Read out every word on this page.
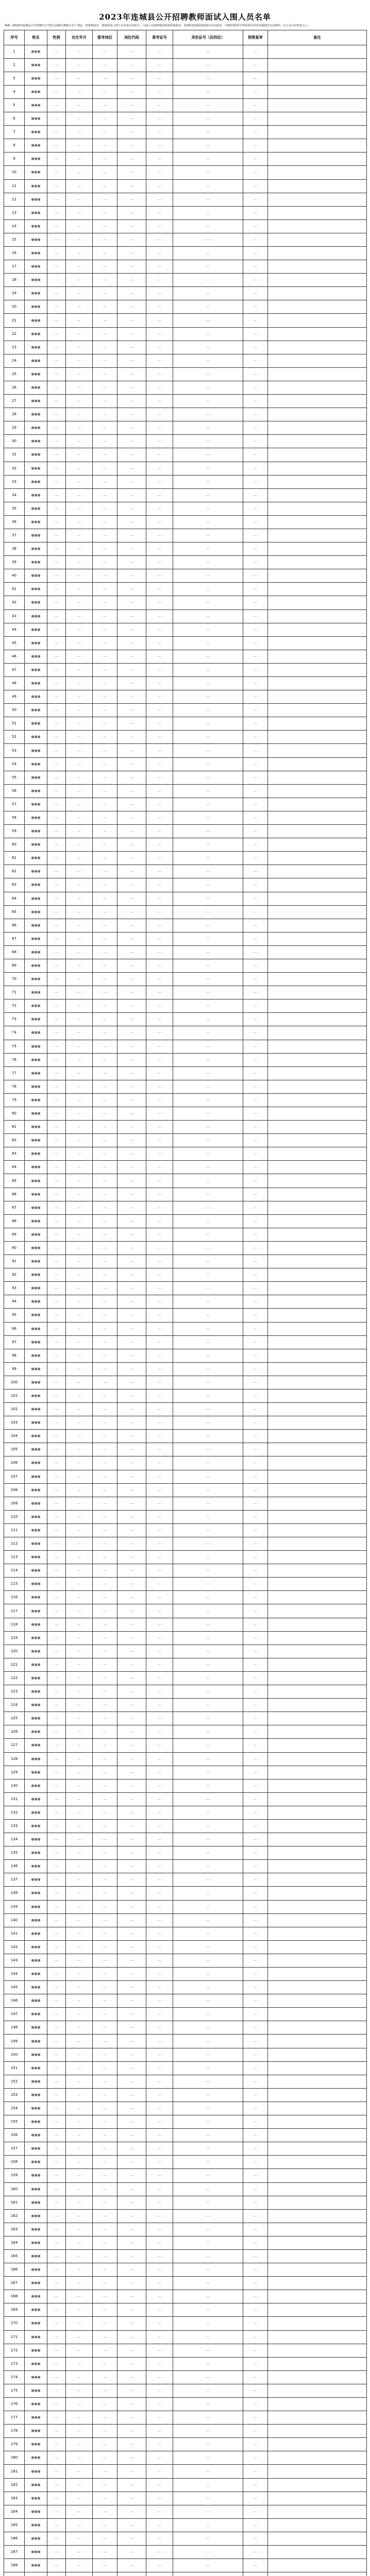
2023年连城县公开招聘教师面试入围人员名单
根据《2023年连城县公开招聘中小学幼儿园新任教师公告》规定，经资格复审，现将面试入围人员名单公布如下。入围人员请按规定时间参加面试，未按时参加面试的视为自动放弃。（表格中除序号外的各行内容在截图中无法辨识，以下以占位符表示。）
序号	姓名	性别	出生年月	报考岗位	岗位代码	准考证号	身份证号（后四位）	资格复审	备注
1	●●●	—	—	—	—	—	—	—	
2	●●●	—	—	—	—	—	—	—	
3	●●●	—	—	—	—	—	—	—	
4	●●●	—	—	—	—	—	—	—	
5	●●●	—	—	—	—	—	—	—	
6	●●●	—	—	—	—	—	—	—	
7	●●●	—	—	—	—	—	—	—	
8	●●●	—	—	—	—	—	—	—	
9	●●●	—	—	—	—	—	—	—	
10	●●●	—	—	—	—	—	—	—	
11	●●●	—	—	—	—	—	—	—	
12	●●●	—	—	—	—	—	—	—	
13	●●●	—	—	—	—	—	—	—	
14	●●●	—	—	—	—	—	—	—	
15	●●●	—	—	—	—	—	—	—	
16	●●●	—	—	—	—	—	—	—	
17	●●●	—	—	—	—	—	—	—	
18	●●●	—	—	—	—	—	—	—	
19	●●●	—	—	—	—	—	—	—	
20	●●●	—	—	—	—	—	—	—	
21	●●●	—	—	—	—	—	—	—	
22	●●●	—	—	—	—	—	—	—	
23	●●●	—	—	—	—	—	—	—	
24	●●●	—	—	—	—	—	—	—	
25	●●●	—	—	—	—	—	—	—	
26	●●●	—	—	—	—	—	—	—	
27	●●●	—	—	—	—	—	—	—	
28	●●●	—	—	—	—	—	—	—	
29	●●●	—	—	—	—	—	—	—	
30	●●●	—	—	—	—	—	—	—	
31	●●●	—	—	—	—	—	—	—	
32	●●●	—	—	—	—	—	—	—	
33	●●●	—	—	—	—	—	—	—	
34	●●●	—	—	—	—	—	—	—	
35	●●●	—	—	—	—	—	—	—	
36	●●●	—	—	—	—	—	—	—	
37	●●●	—	—	—	—	—	—	—	
38	●●●	—	—	—	—	—	—	—	
39	●●●	—	—	—	—	—	—	—	
40	●●●	—	—	—	—	—	—	—	
41	●●●	—	—	—	—	—	—	—	
42	●●●	—	—	—	—	—	—	—	
43	●●●	—	—	—	—	—	—	—	
44	●●●	—	—	—	—	—	—	—	
45	●●●	—	—	—	—	—	—	—	
46	●●●	—	—	—	—	—	—	—	
47	●●●	—	—	—	—	—	—	—	
48	●●●	—	—	—	—	—	—	—	
49	●●●	—	—	—	—	—	—	—	
50	●●●	—	—	—	—	—	—	—	
51	●●●	—	—	—	—	—	—	—	
52	●●●	—	—	—	—	—	—	—	
53	●●●	—	—	—	—	—	—	—	
54	●●●	—	—	—	—	—	—	—	
55	●●●	—	—	—	—	—	—	—	
56	●●●	—	—	—	—	—	—	—	
57	●●●	—	—	—	—	—	—	—	
58	●●●	—	—	—	—	—	—	—	
59	●●●	—	—	—	—	—	—	—	
60	●●●	—	—	—	—	—	—	—	
61	●●●	—	—	—	—	—	—	—	
62	●●●	—	—	—	—	—	—	—	
63	●●●	—	—	—	—	—	—	—	
64	●●●	—	—	—	—	—	—	—	
65	●●●	—	—	—	—	—	—	—	
66	●●●	—	—	—	—	—	—	—	
67	●●●	—	—	—	—	—	—	—	
68	●●●	—	—	—	—	—	—	—	
69	●●●	—	—	—	—	—	—	—	
70	●●●	—	—	—	—	—	—	—	
71	●●●	—	—	—	—	—	—	—	
72	●●●	—	—	—	—	—	—	—	
73	●●●	—	—	—	—	—	—	—	
74	●●●	—	—	—	—	—	—	—	
75	●●●	—	—	—	—	—	—	—	
76	●●●	—	—	—	—	—	—	—	
77	●●●	—	—	—	—	—	—	—	
78	●●●	—	—	—	—	—	—	—	
79	●●●	—	—	—	—	—	—	—	
80	●●●	—	—	—	—	—	—	—	
81	●●●	—	—	—	—	—	—	—	
82	●●●	—	—	—	—	—	—	—	
83	●●●	—	—	—	—	—	—	—	
84	●●●	—	—	—	—	—	—	—	
85	●●●	—	—	—	—	—	—	—	
86	●●●	—	—	—	—	—	—	—	
87	●●●	—	—	—	—	—	—	—	
88	●●●	—	—	—	—	—	—	—	
89	●●●	—	—	—	—	—	—	—	
90	●●●	—	—	—	—	—	—	—	
91	●●●	—	—	—	—	—	—	—	
92	●●●	—	—	—	—	—	—	—	
93	●●●	—	—	—	—	—	—	—	
94	●●●	—	—	—	—	—	—	—	
95	●●●	—	—	—	—	—	—	—	
96	●●●	—	—	—	—	—	—	—	
97	●●●	—	—	—	—	—	—	—	
98	●●●	—	—	—	—	—	—	—	
99	●●●	—	—	—	—	—	—	—	
100	●●●	—	—	—	—	—	—	—	
101	●●●	—	—	—	—	—	—	—	
102	●●●	—	—	—	—	—	—	—	
103	●●●	—	—	—	—	—	—	—	
104	●●●	—	—	—	—	—	—	—	
105	●●●	—	—	—	—	—	—	—	
106	●●●	—	—	—	—	—	—	—	
107	●●●	—	—	—	—	—	—	—	
108	●●●	—	—	—	—	—	—	—	
109	●●●	—	—	—	—	—	—	—	
110	●●●	—	—	—	—	—	—	—	
111	●●●	—	—	—	—	—	—	—	
112	●●●	—	—	—	—	—	—	—	
113	●●●	—	—	—	—	—	—	—	
114	●●●	—	—	—	—	—	—	—	
115	●●●	—	—	—	—	—	—	—	
116	●●●	—	—	—	—	—	—	—	
117	●●●	—	—	—	—	—	—	—	
118	●●●	—	—	—	—	—	—	—	
119	●●●	—	—	—	—	—	—	—	
120	●●●	—	—	—	—	—	—	—	
121	●●●	—	—	—	—	—	—	—	
122	●●●	—	—	—	—	—	—	—	
123	●●●	—	—	—	—	—	—	—	
124	●●●	—	—	—	—	—	—	—	
125	●●●	—	—	—	—	—	—	—	
126	●●●	—	—	—	—	—	—	—	
127	●●●	—	—	—	—	—	—	—	
128	●●●	—	—	—	—	—	—	—	
129	●●●	—	—	—	—	—	—	—	
130	●●●	—	—	—	—	—	—	—	
131	●●●	—	—	—	—	—	—	—	
132	●●●	—	—	—	—	—	—	—	
133	●●●	—	—	—	—	—	—	—	
134	●●●	—	—	—	—	—	—	—	
135	●●●	—	—	—	—	—	—	—	
136	●●●	—	—	—	—	—	—	—	
137	●●●	—	—	—	—	—	—	—	
138	●●●	—	—	—	—	—	—	—	
139	●●●	—	—	—	—	—	—	—	
140	●●●	—	—	—	—	—	—	—	
141	●●●	—	—	—	—	—	—	—	
142	●●●	—	—	—	—	—	—	—	
143	●●●	—	—	—	—	—	—	—	
144	●●●	—	—	—	—	—	—	—	
145	●●●	—	—	—	—	—	—	—	
146	●●●	—	—	—	—	—	—	—	
147	●●●	—	—	—	—	—	—	—	
148	●●●	—	—	—	—	—	—	—	
149	●●●	—	—	—	—	—	—	—	
150	●●●	—	—	—	—	—	—	—	
151	●●●	—	—	—	—	—	—	—	
152	●●●	—	—	—	—	—	—	—	
153	●●●	—	—	—	—	—	—	—	
154	●●●	—	—	—	—	—	—	—	
155	●●●	—	—	—	—	—	—	—	
156	●●●	—	—	—	—	—	—	—	
157	●●●	—	—	—	—	—	—	—	
158	●●●	—	—	—	—	—	—	—	
159	●●●	—	—	—	—	—	—	—	
160	●●●	—	—	—	—	—	—	—	
161	●●●	—	—	—	—	—	—	—	
162	●●●	—	—	—	—	—	—	—	
163	●●●	—	—	—	—	—	—	—	
164	●●●	—	—	—	—	—	—	—	
165	●●●	—	—	—	—	—	—	—	
166	●●●	—	—	—	—	—	—	—	
167	●●●	—	—	—	—	—	—	—	
168	●●●	—	—	—	—	—	—	—	
169	●●●	—	—	—	—	—	—	—	
170	●●●	—	—	—	—	—	—	—	
171	●●●	—	—	—	—	—	—	—	
172	●●●	—	—	—	—	—	—	—	
173	●●●	—	—	—	—	—	—	—	
174	●●●	—	—	—	—	—	—	—	
175	●●●	—	—	—	—	—	—	—	
176	●●●	—	—	—	—	—	—	—	
177	●●●	—	—	—	—	—	—	—	
178	●●●	—	—	—	—	—	—	—	
179	●●●	—	—	—	—	—	—	—	
180	●●●	—	—	—	—	—	—	—	
181	●●●	—	—	—	—	—	—	—	
182	●●●	—	—	—	—	—	—	—	
183	●●●	—	—	—	—	—	—	—	
184	●●●	—	—	—	—	—	—	—	
185	●●●	—	—	—	—	—	—	—	
186	●●●	—	—	—	—	—	—	—	
187	●●●	—	—	—	—	—	—	—	
188	●●●	—	—	—	—	—	—	—	
